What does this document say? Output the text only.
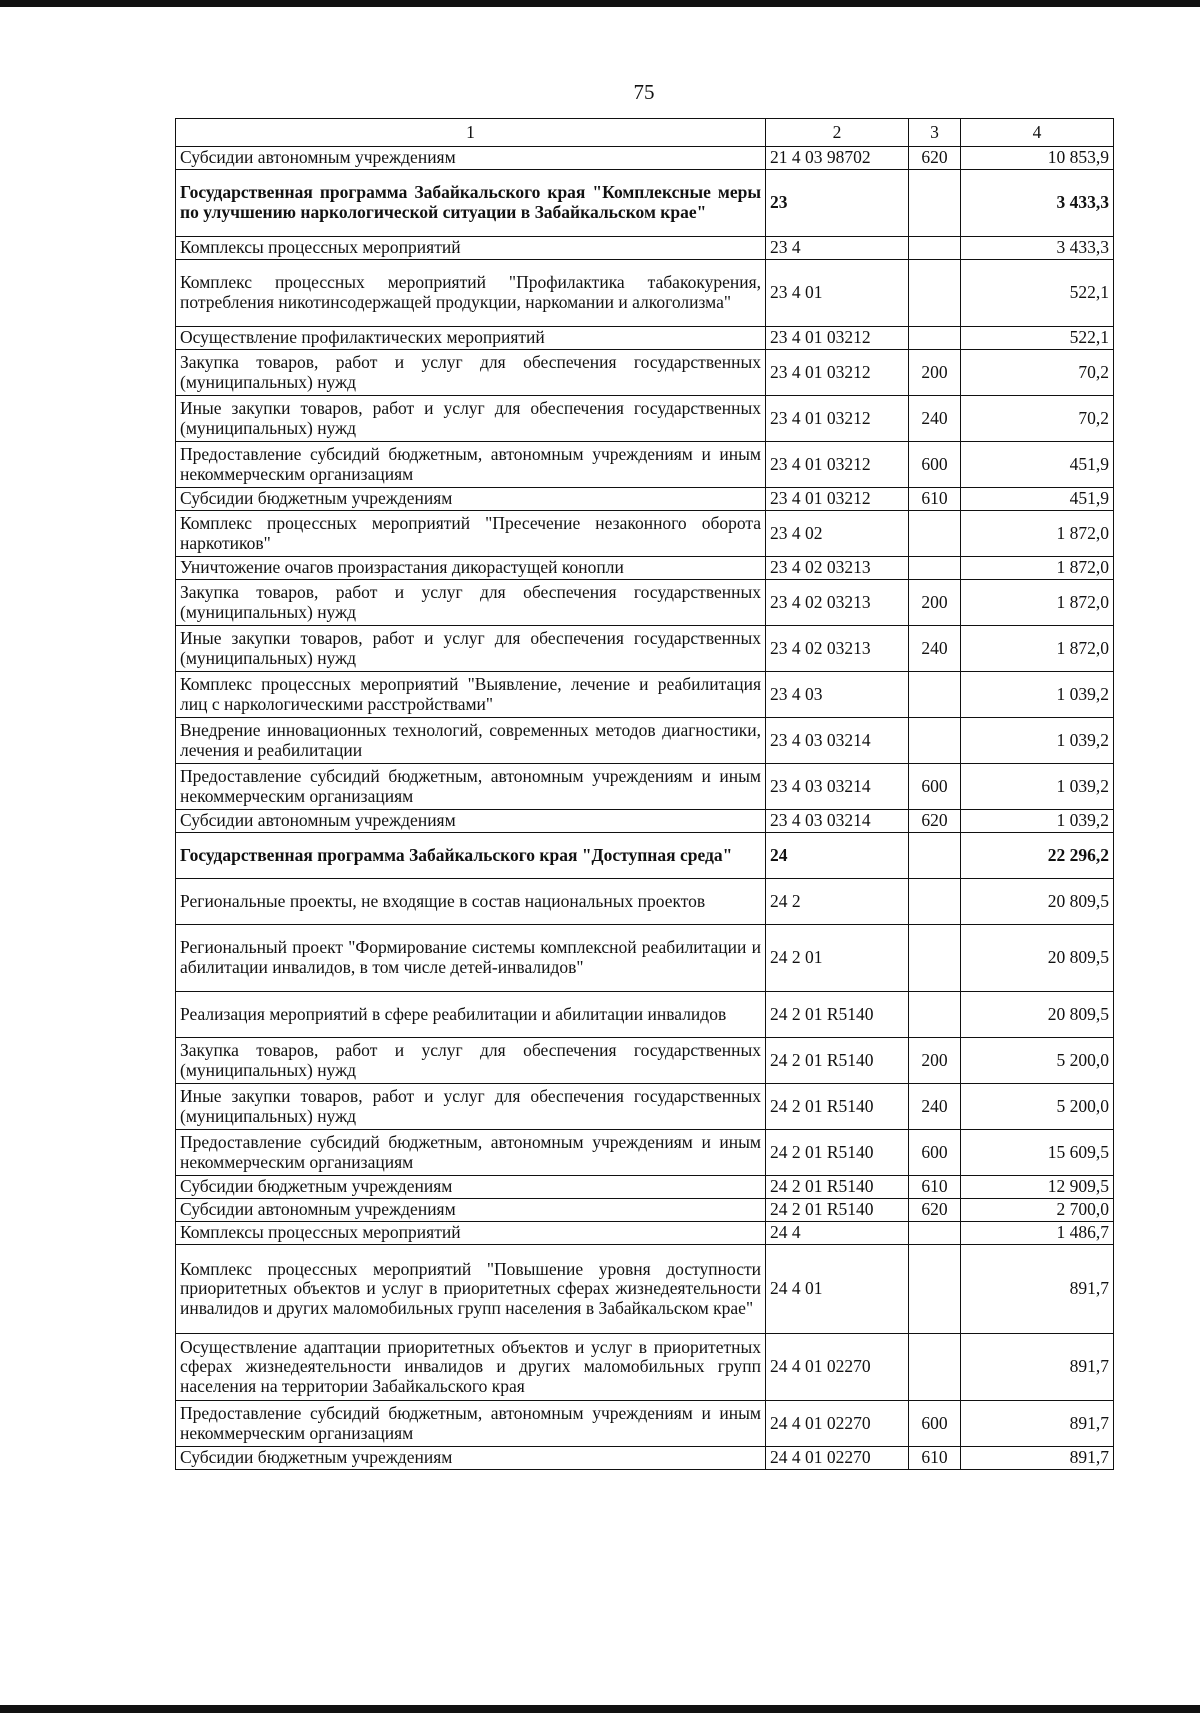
75
1	2	3	4
Субсидии автономным учреждениям	21 4 03 98702	620	10 853,9
Государственная программа Забайкальского края "Комплексные меры по улучшению наркологической ситуации в Забайкальском крае"	23		3 433,3
Комплексы процессных мероприятий	23 4		3 433,3
Комплекс процессных мероприятий "Профилактика табакокурения, потребления никотинсодержащей продукции, наркомании и алкоголизма"	23 4 01		522,1
Осуществление профилактических мероприятий	23 4 01 03212		522,1
Закупка товаров, работ и услуг для обеспечения государственных (муниципальных) нужд	23 4 01 03212	200	70,2
Иные закупки товаров, работ и услуг для обеспечения государственных (муниципальных) нужд	23 4 01 03212	240	70,2
Предоставление субсидий бюджетным, автономным учреждениям и иным некоммерческим организациям	23 4 01 03212	600	451,9
Субсидии бюджетным учреждениям	23 4 01 03212	610	451,9
Комплекс процессных мероприятий "Пресечение незаконного оборота наркотиков"	23 4 02		1 872,0
Уничтожение очагов произрастания дикорастущей конопли	23 4 02 03213		1 872,0
Закупка товаров, работ и услуг для обеспечения государственных (муниципальных) нужд	23 4 02 03213	200	1 872,0
Иные закупки товаров, работ и услуг для обеспечения государственных (муниципальных) нужд	23 4 02 03213	240	1 872,0
Комплекс процессных мероприятий "Выявление, лечение и реабилитация лиц с наркологическими расстройствами"	23 4 03		1 039,2
Внедрение инновационных технологий, современных методов диагностики, лечения и реабилитации	23 4 03 03214		1 039,2
Предоставление субсидий бюджетным, автономным учреждениям и иным некоммерческим организациям	23 4 03 03214	600	1 039,2
Субсидии автономным учреждениям	23 4 03 03214	620	1 039,2
Государственная программа Забайкальского края "Доступная среда"	24		22 296,2
Региональные проекты, не входящие в состав национальных проектов	24 2		20 809,5
Региональный проект "Формирование системы комплексной реабилитации и абилитации инвалидов, в том числе детей-инвалидов"	24 2 01		20 809,5
Реализация мероприятий в сфере реабилитации и абилитации инвалидов	24 2 01 R5140		20 809,5
Закупка товаров, работ и услуг для обеспечения государственных (муниципальных) нужд	24 2 01 R5140	200	5 200,0
Иные закупки товаров, работ и услуг для обеспечения государственных (муниципальных) нужд	24 2 01 R5140	240	5 200,0
Предоставление субсидий бюджетным, автономным учреждениям и иным некоммерческим организациям	24 2 01 R5140	600	15 609,5
Субсидии бюджетным учреждениям	24 2 01 R5140	610	12 909,5
Субсидии автономным учреждениям	24 2 01 R5140	620	2 700,0
Комплексы процессных мероприятий	24 4		1 486,7
Комплекс процессных мероприятий "Повышение уровня доступности приоритетных объектов и услуг в приоритетных сферах жизнедеятельности инвалидов и других маломобильных групп населения в Забайкальском крае"	24 4 01		891,7
Осуществление адаптации приоритетных объектов и услуг в приоритетных сферах жизнедеятельности инвалидов и других маломобильных групп населения на территории Забайкальского края	24 4 01 02270		891,7
Предоставление субсидий бюджетным, автономным учреждениям и иным некоммерческим организациям	24 4 01 02270	600	891,7
Субсидии бюджетным учреждениям	24 4 01 02270	610	891,7
